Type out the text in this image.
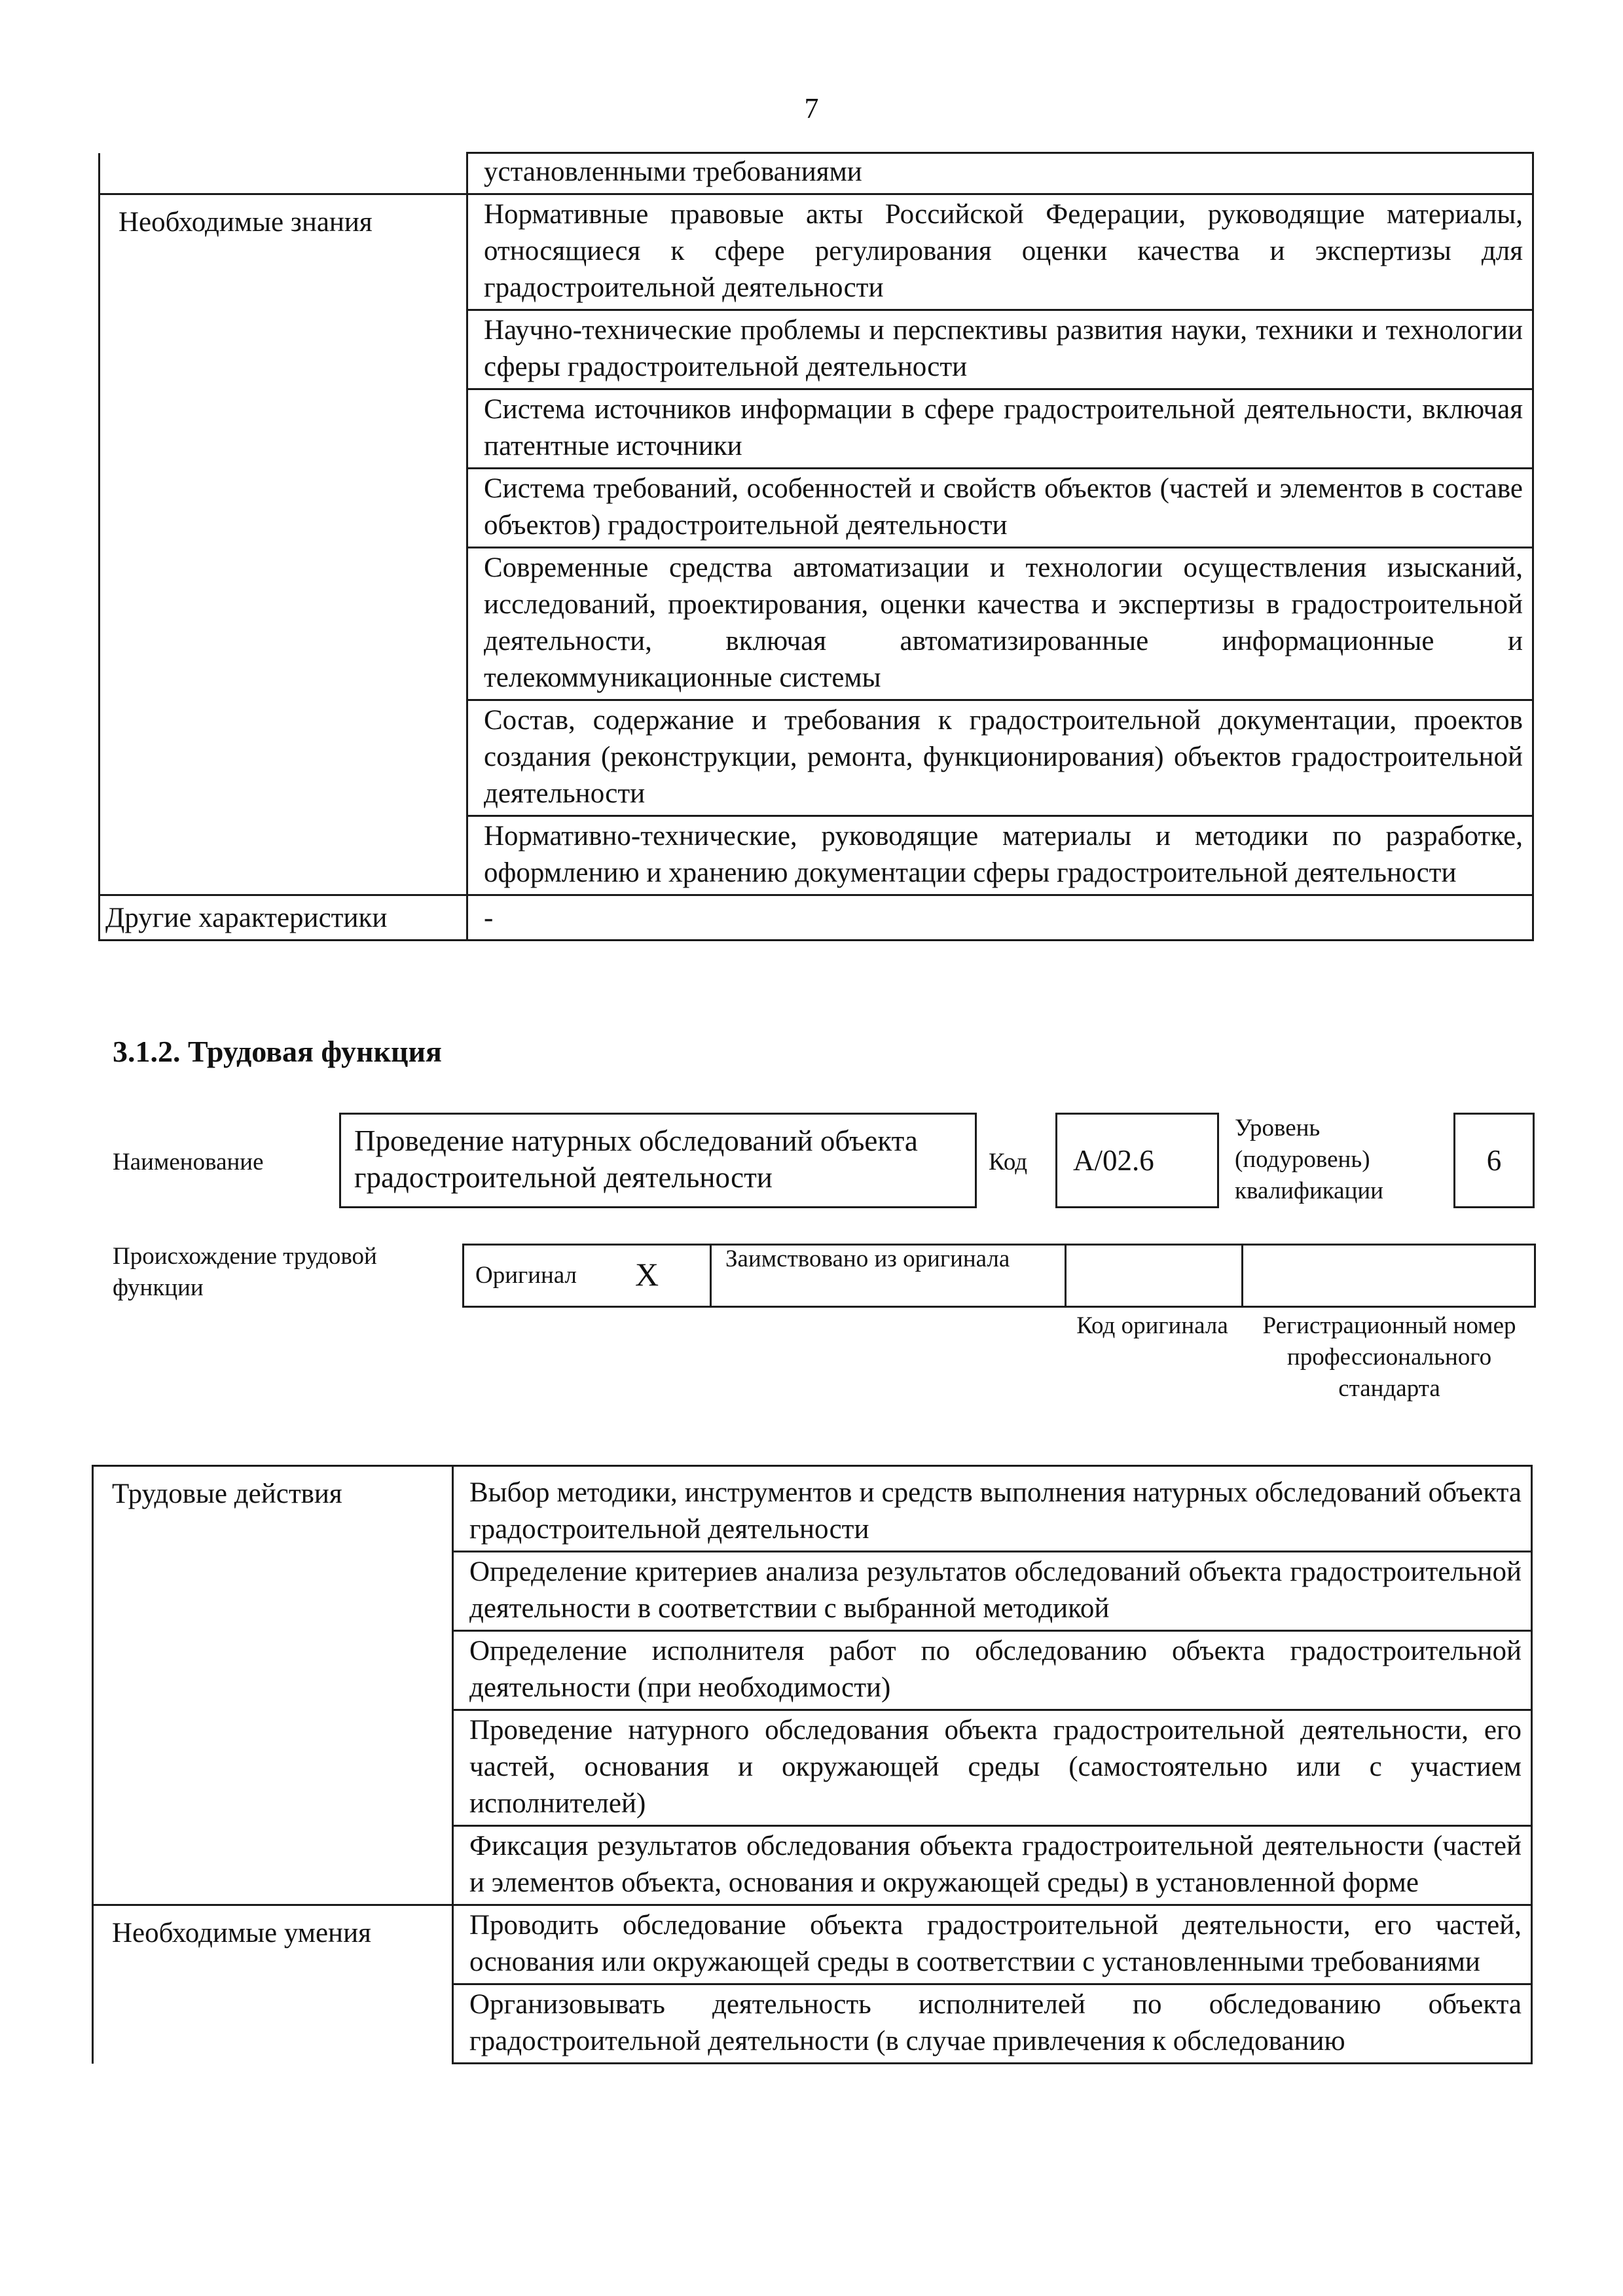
7
	установленными требованиями
Необходимые знания	Нормативные правовые акты Российской Федерации, руководящие материалы, относящиеся к сфере регулирования оценки качества и экспертизы для градостроительной деятельности
	Научно-технические проблемы и перспективы развития науки, техники и технологии сферы градостроительной деятельности
	Система источников информации в сфере градостроительной деятельности, включая патентные источники
	Система требований, особенностей и свойств объектов (частей и элементов в составе объектов) градостроительной деятельности
	Современные средства автоматизации и технологии осуществления изысканий, исследований, проектирования, оценки качества и экспертизы в градостроительной деятельности, включая автоматизированные информационные и телекоммуникационные системы
	Состав, содержание и требования к градостроительной документации, проектов создания (реконструкции, ремонта, функционирования) объектов градостроительной деятельности
	Нормативно-технические, руководящие материалы и методики по разработке, оформлению и хранению документации сферы градостроительной деятельности
Другие характеристики	-
3.1.2. Трудовая функция
Наименование
Проведение натурных обследований объекта градостроительной деятельности	Код	А/02.6
Уровень (подуровень) квалификации
6
Происхождение трудовой функции	Оригинал X	Заимствовано из оригинала
Код оригинала	Регистрационный номер профессионального стандарта
Трудовые действия	Выбор методики, инструментов и средств выполнения натурных обследований объекта градостроительной деятельности
	Определение критериев анализа результатов обследований объекта градостроительной деятельности в соответствии с выбранной методикой
	Определение исполнителя работ по обследованию объекта градостроительной деятельности (при необходимости)
	Проведение натурного обследования объекта градостроительной деятельности, его частей, основания и окружающей среды (самостоятельно или с участием исполнителей)
	Фиксация результатов обследования объекта градостроительной деятельности (частей и элементов объекта, основания и окружающей среды) в установленной форме
Необходимые умения	Проводить обследование объекта градостроительной деятельности, его частей, основания или окружающей среды в соответствии с установленными требованиями
	Организовывать деятельность исполнителей по обследованию объекта градостроительной деятельности (в случае привлечения к обследованию
